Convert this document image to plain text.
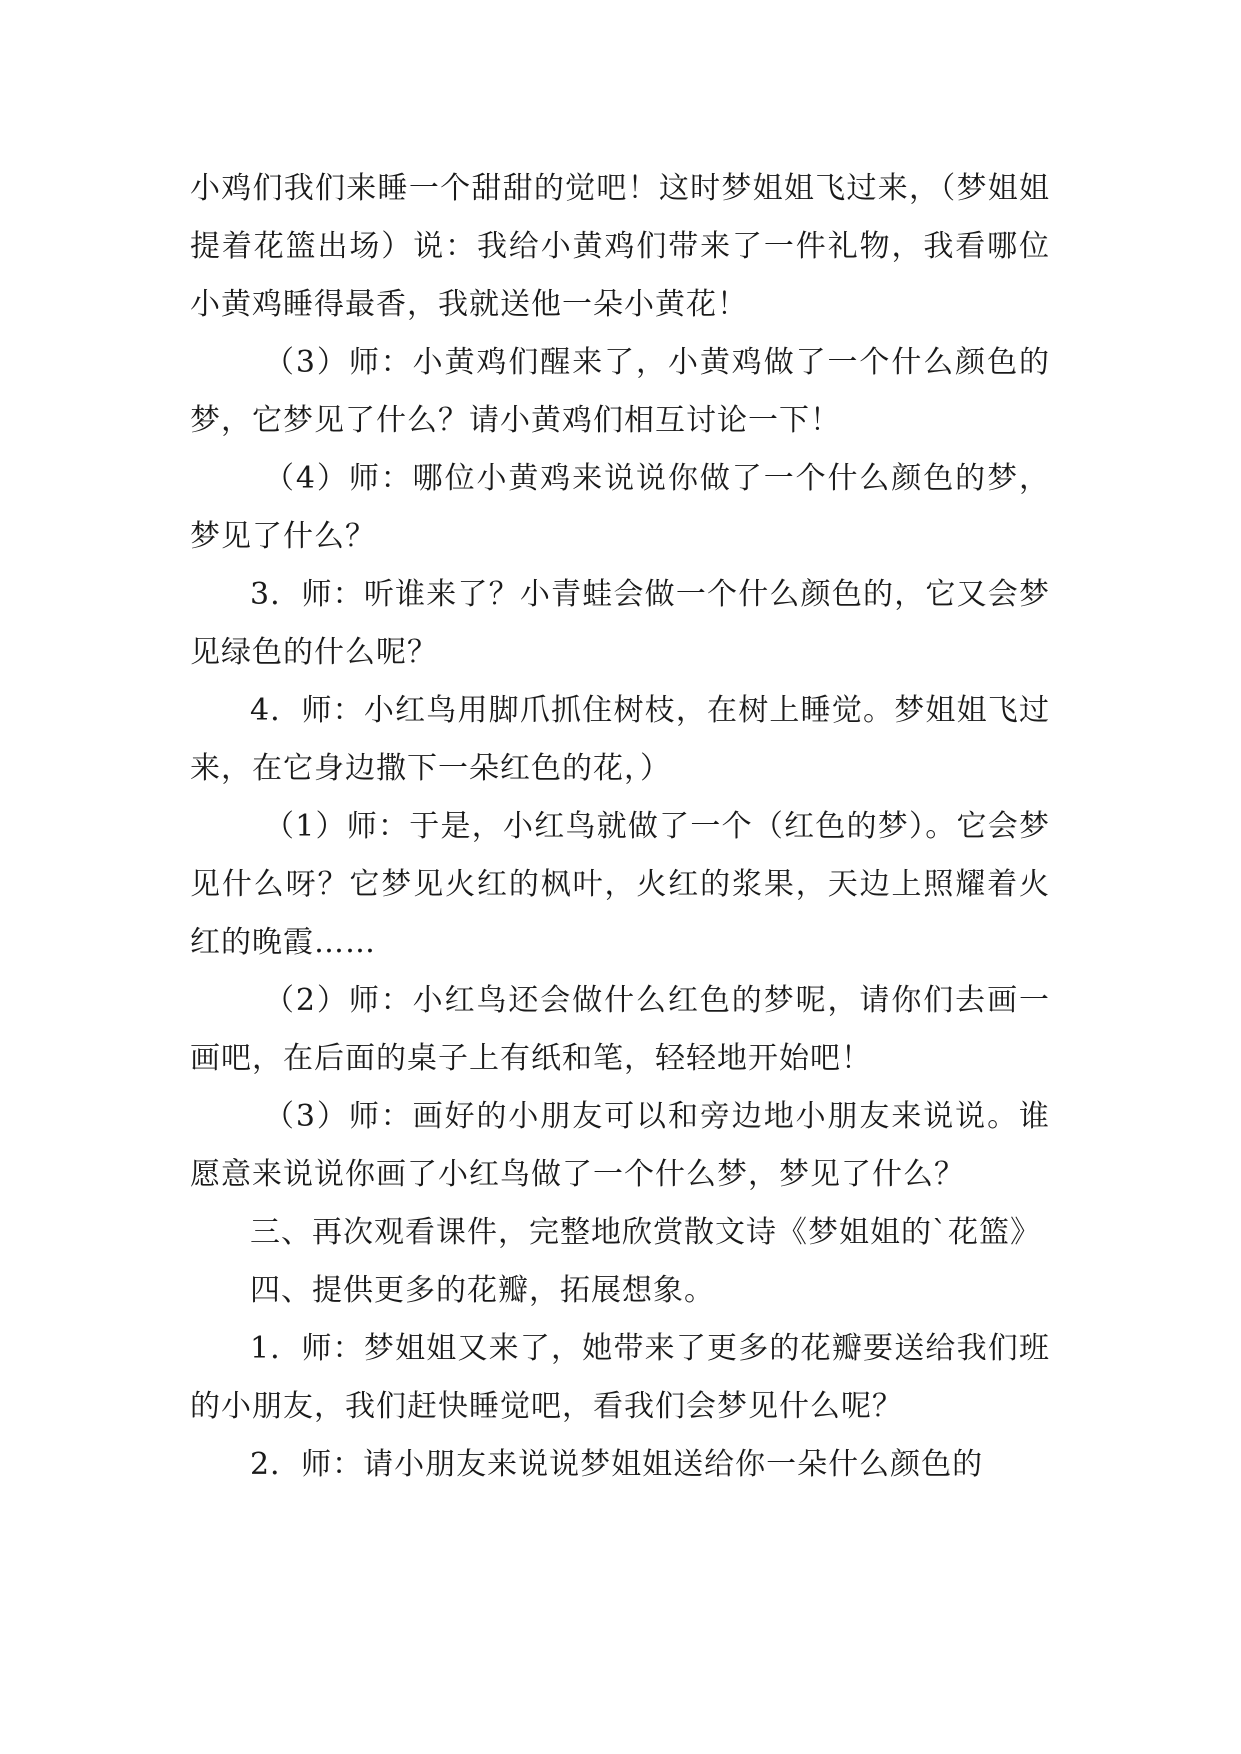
小鸡们我们来睡一个甜甜的觉吧！这时梦姐姐飞过来，（梦姐姐提着花篮出场）说：我给小黄鸡们带来了一件礼物，我看哪位小黄鸡睡得最香，我就送他一朵小黄花！

（3）师：小黄鸡们醒来了，小黄鸡做了一个什么颜色的梦，它梦见了什么？请小黄鸡们相互讨论一下！

（4）师：哪位小黄鸡来说说你做了一个什么颜色的梦，梦见了什么？

3．师：听谁来了？小青蛙会做一个什么颜色的，它又会梦见绿色的什么呢？

4．师：小红鸟用脚爪抓住树枝，在树上睡觉。梦姐姐飞过来，在它身边撒下一朵红色的花，）

（1）师：于是，小红鸟就做了一个（红色的梦）。它会梦见什么呀？它梦见火红的枫叶，火红的浆果，天边上照耀着火红的晚霞……

（2）师：小红鸟还会做什么红色的梦呢，请你们去画一画吧，在后面的桌子上有纸和笔，轻轻地开始吧！

（3）师：画好的小朋友可以和旁边地小朋友来说说。谁愿意来说说你画了小红鸟做了一个什么梦，梦见了什么？

三、再次观看课件，完整地欣赏散文诗《梦姐姐的`花篮》

四、提供更多的花瓣，拓展想象。

1．师：梦姐姐又来了，她带来了更多的花瓣要送给我们班的小朋友，我们赶快睡觉吧，看我们会梦见什么呢？

2．师：请小朋友来说说梦姐姐送给你一朵什么颜色的
